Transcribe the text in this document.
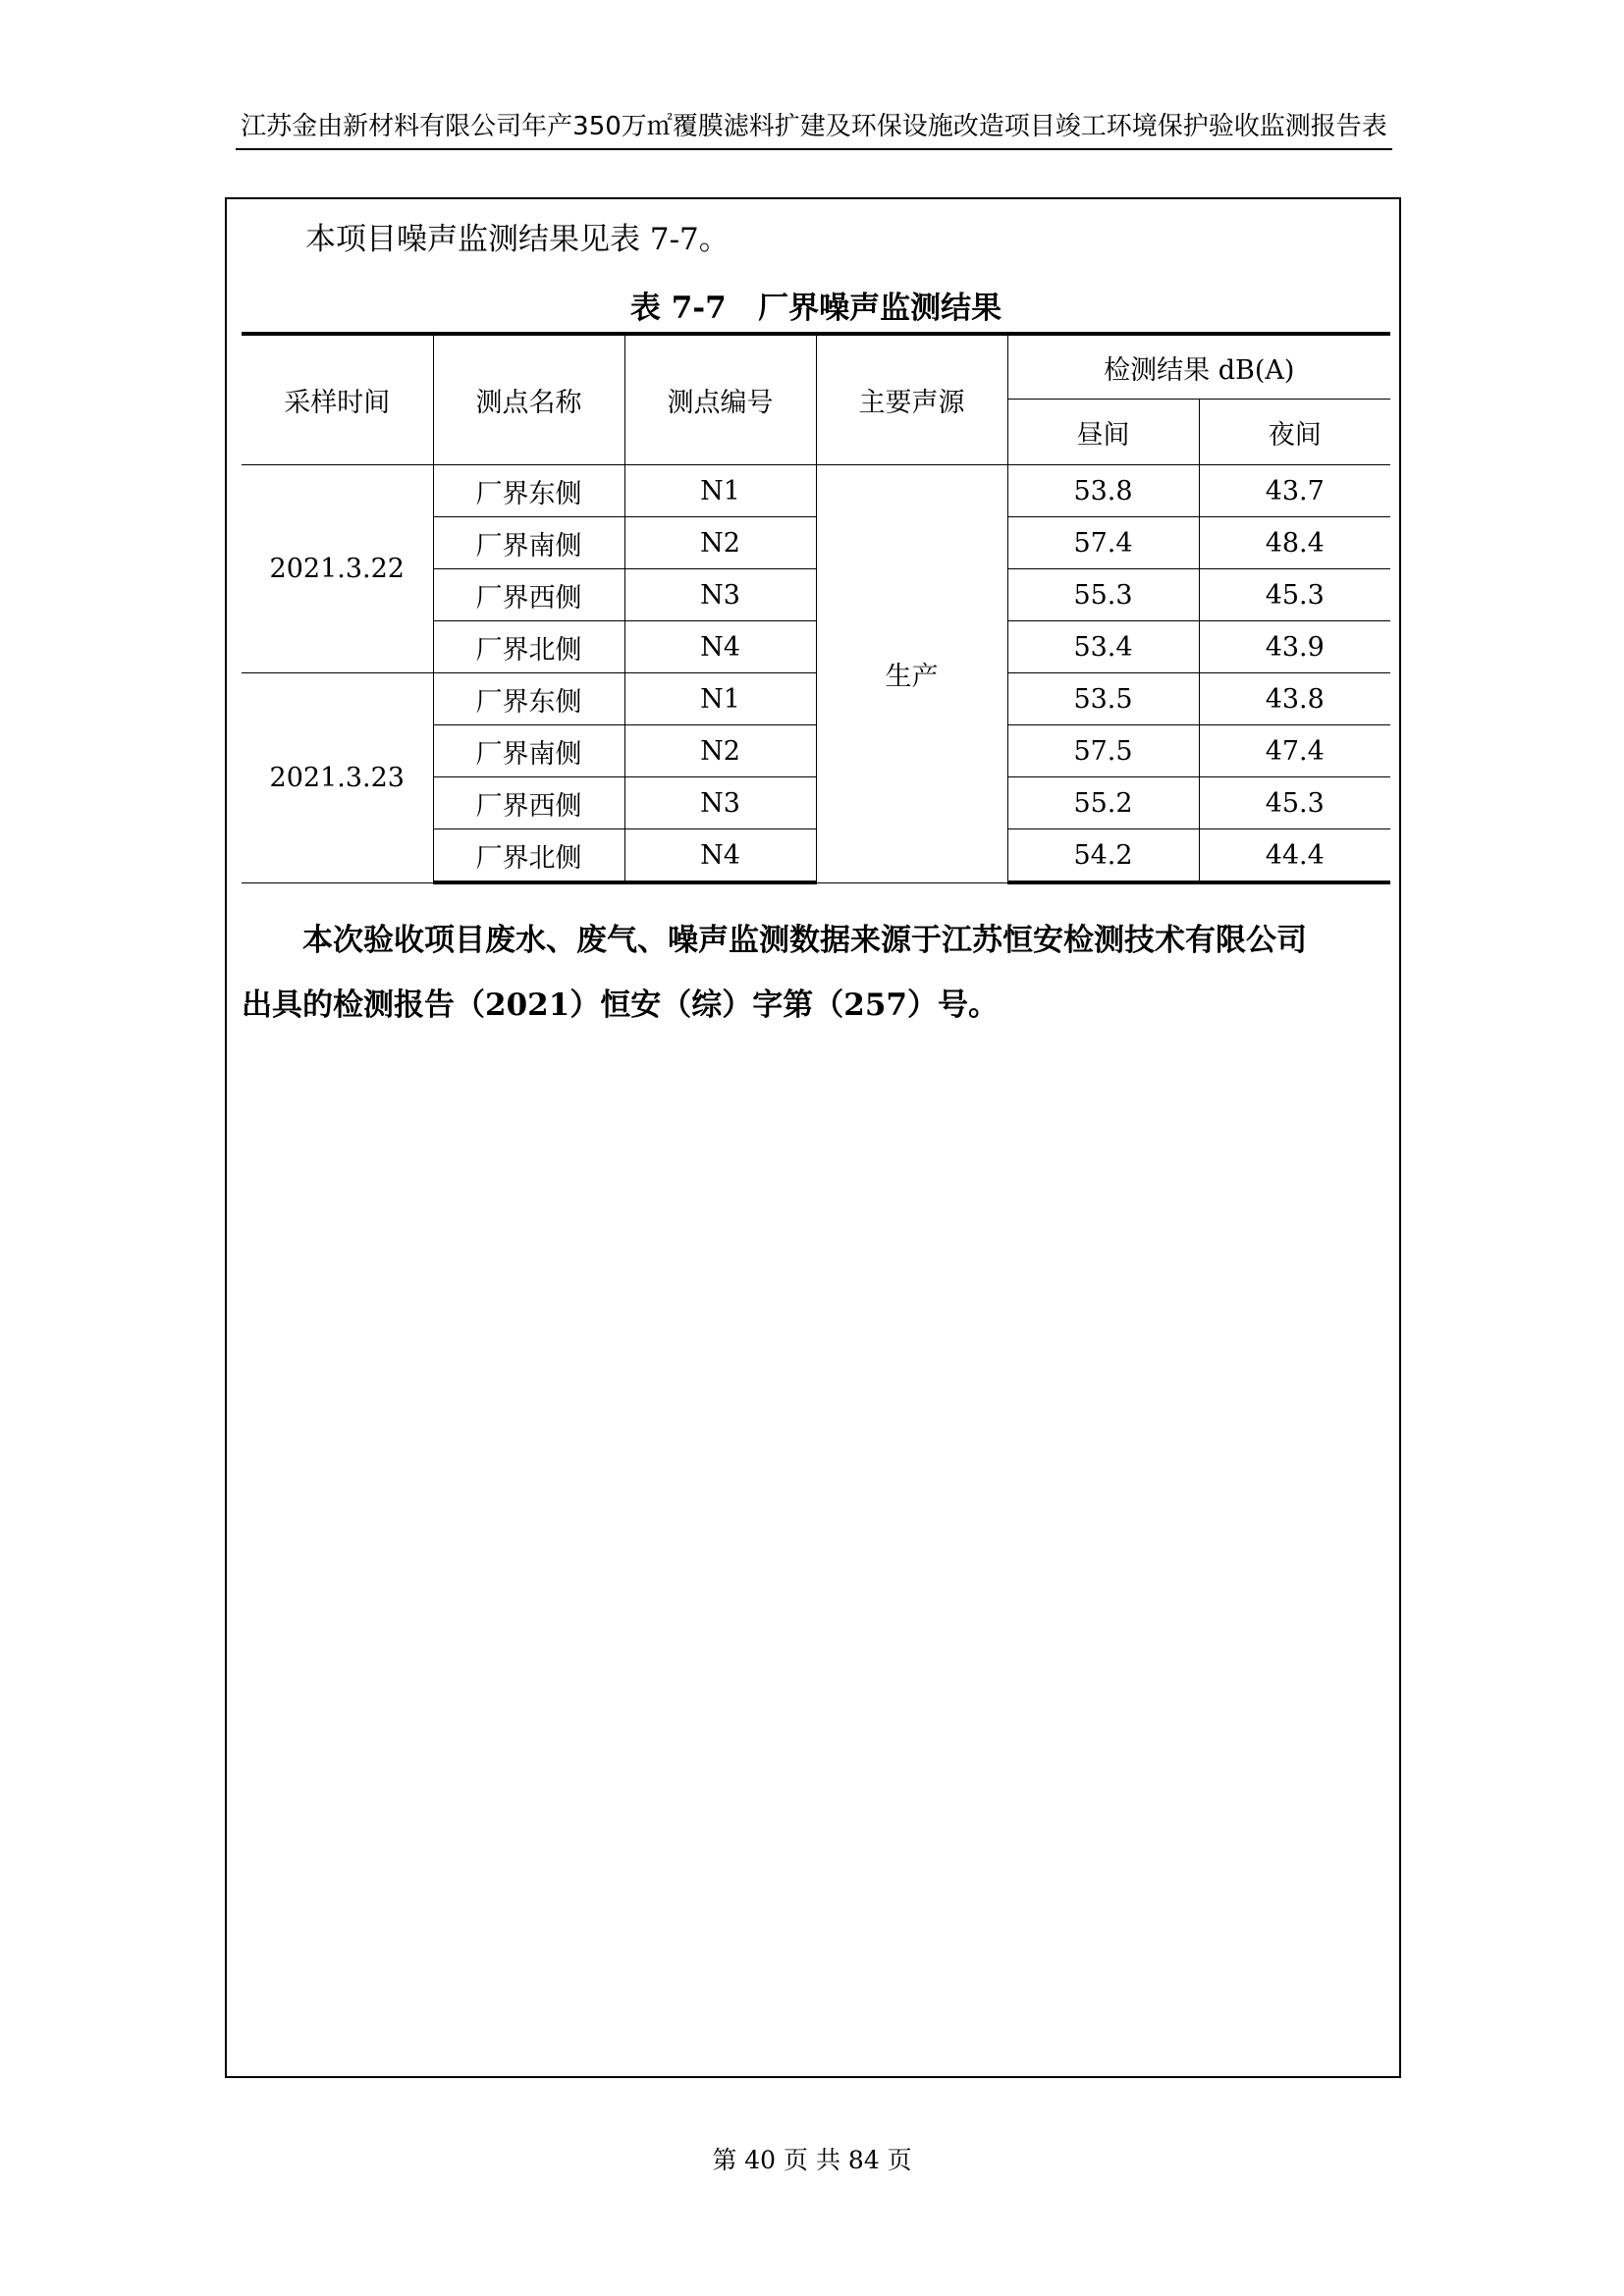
江苏金由新材料有限公司年产350万㎡覆膜滤料扩建及环保设施改造项目竣工环境保护验收监测报告表
本项目噪声监测结果见表 7-7。
表 7-7   厂界噪声监测结果
采样时间	测点名称	测点编号	主要声源	检测结果 dB(A)	
				昼间	夜间
2021.3.22	厂界东侧	N1	生产	53.8	43.7
	厂界南侧	N2		57.4	48.4
	厂界西侧	N3		55.3	45.3
	厂界北侧	N4		53.4	43.9
2021.3.23	厂界东侧	N1		53.5	43.8
	厂界南侧	N2		57.5	47.4
	厂界西侧	N3		55.2	45.3
	厂界北侧	N4		54.2	44.4
本次验收项目废水、废气、噪声监测数据来源于江苏恒安检测技术有限公司
出具的检测报告（2021）恒安（综）字第（257）号。
第 40 页 共 84 页
